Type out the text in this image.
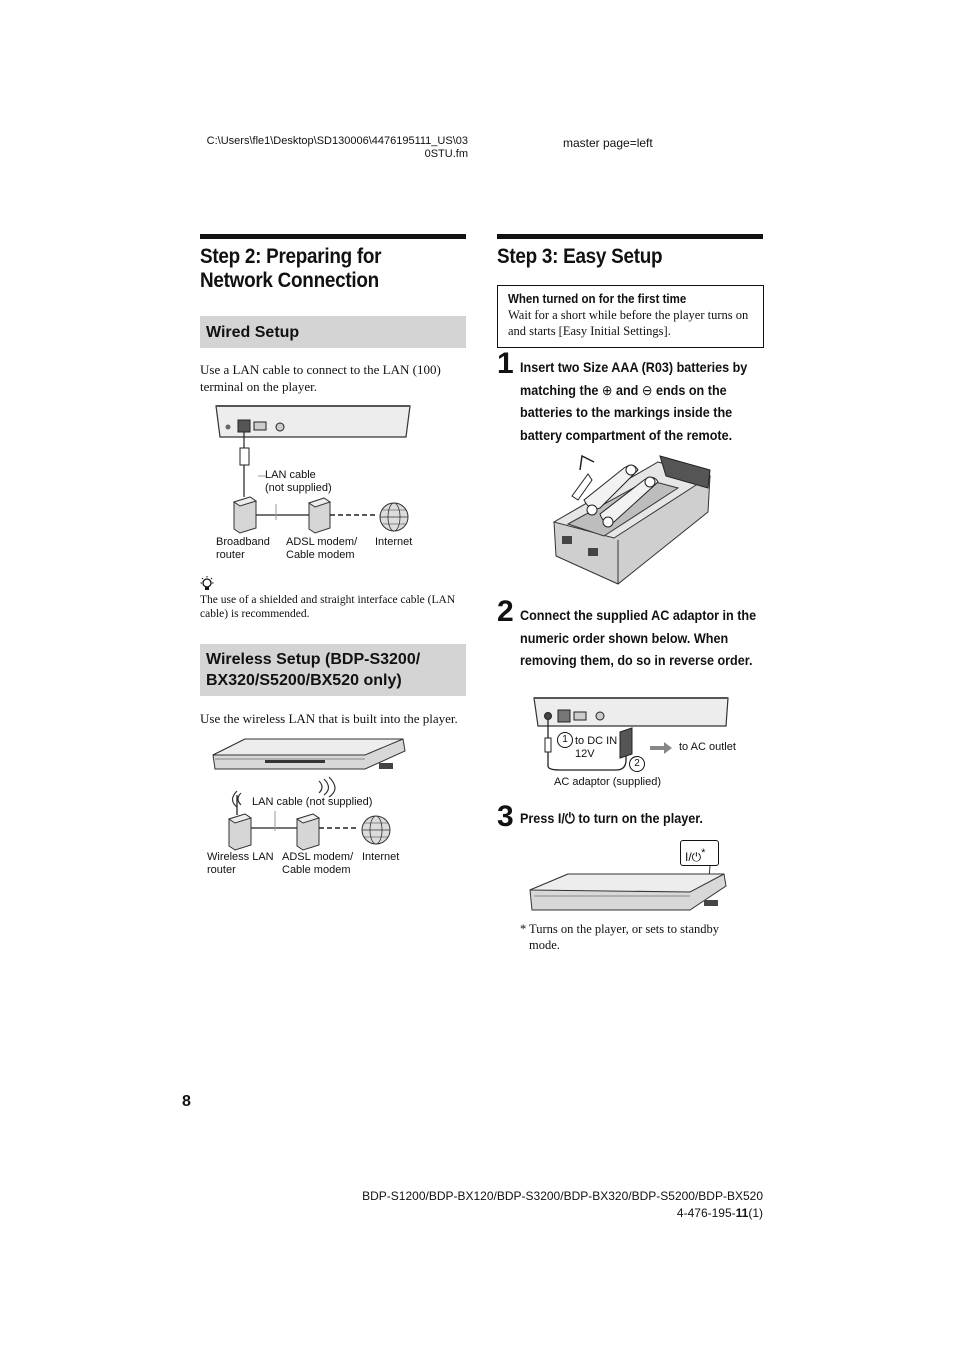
C:\Users\fle1\Desktop\SD130006\4476195111_US\03
0STU.fm
master page=left
Step 2: Preparing for
Network Connection
Wired Setup
Use a LAN cable to connect to the LAN (100) terminal on the player.
LAN cable
(not supplied)
Broadband
router
ADSL modem/
Cable modem
Internet
The use of a shielded and straight interface cable (LAN cable) is recommended.
Wireless Setup (BDP-S3200/
BX320/S5200/BX520 only)
Use the wireless LAN that is built into the player.
LAN cable (not supplied)
Wireless LAN
router
ADSL modem/
Cable modem
Internet
Step 3: Easy Setup
When turned on for the first time
Wait for a short while before the player turns on and starts [Easy Initial Settings].
1 Insert two Size AAA (R03) batteries by matching the ⊕ and ⊖ ends on the batteries to the markings inside the battery compartment of the remote.
2 Connect the supplied AC adaptor in the numeric order shown below. When removing them, do so in reverse order.
1 to DC IN
12V
2
to AC outlet
AC adaptor (supplied)
3 Press I/⏻ to turn on the player.
I/⏻*
* Turns on the player, or sets to standby mode.
8
BDP-S1200/BDP-BX120/BDP-S3200/BDP-BX320/BDP-S5200/BDP-BX520
4-476-195-11(1)
